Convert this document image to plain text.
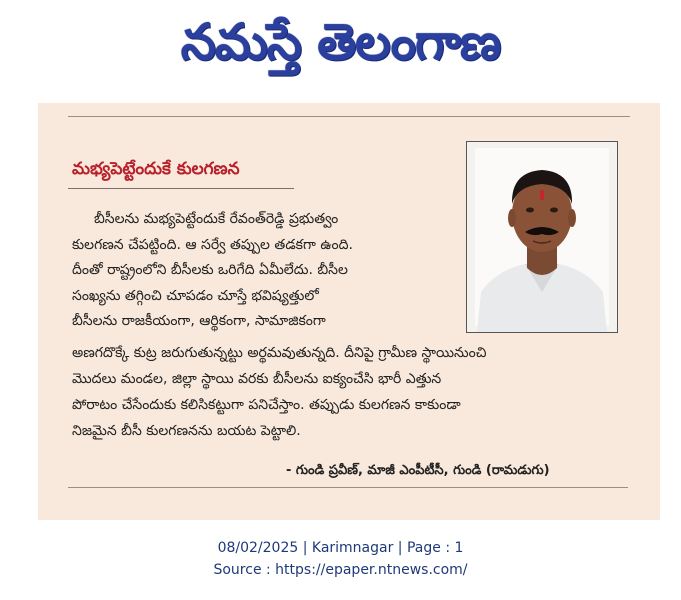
నమస్తే తెలంగాణ
మభ్యపెట్టేందుకే కులగణన
బీసీలను మభ్యపెట్టేందుకే రేవంత్‌రెడ్డి ప్రభుత్వం
కులగణన చేపట్టింది. ఆ సర్వే తప్పుల తడకగా ఉంది.
దీంతో రాష్ట్రంలోని బీసీలకు ఒరిగేది ఏమీలేదు. బీసీల
సంఖ్యను తగ్గించి చూపడం చూస్తే భవిష్యత్తులో
బీసీలను రాజకీయంగా, ఆర్థికంగా, సామాజికంగా
అణగదొక్కే కుట్ర జరుగుతున్నట్టు అర్థమవుతున్నది. దీనిపై గ్రామీణ స్థాయినుంచి
మొదలు మండల, జిల్లా స్థాయి వరకు బీసీలను ఐక్యంచేసి భారీ ఎత్తున
పోరాటం చేసేందుకు కలిసికట్టుగా పనిచేస్తాం. తప్పుడు కులగణన కాకుండా
నిజమైన బీసీ కులగణనను బయట పెట్టాలి.
- గుండి ప్రవీణ్, మాజీ ఎంపీటీసీ, గుండి (రామడుగు)
08/02/2025 | Karimnagar | Page : 1
Source : https://epaper.ntnews.com/
